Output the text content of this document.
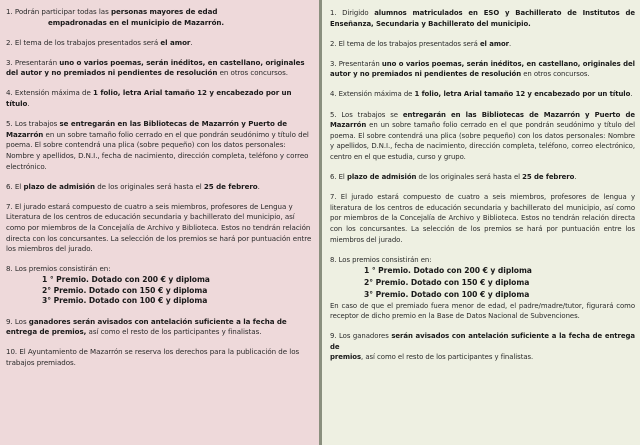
1. Podrán participar todas las personas mayores de edad
empadronadas en el municipio de Mazarrón.

2. El tema de los trabajos presentados será el amor.

3. Presentarán uno o varios poemas, serán inéditos, en castellano, originales del autor y no premiados ni pendientes de resolución en otros concursos.

4. Extensión máxima de 1 folio, letra Arial tamaño 12 y encabezado por un título.

5. Los trabajos se entregarán en las Bibliotecas de Mazarrón y Puerto de Mazarrón en un sobre tamaño folio cerrado en el que pondrán seudónimo y título del poema. El sobre contendrá una plica (sobre pequeño) con los datos personales: Nombre y apellidos, D.N.I., fecha de nacimiento, dirección completa, teléfono y correo electrónico.

6. El plazo de admisión de los originales será hasta el 25 de febrero.

7. El jurado estará compuesto de cuatro a seis miembros, profesores de Lengua y Literatura de los centros de educación secundaria y bachillerato del municipio, así como por miembros de la Concejalía de Archivo y Biblioteca. Estos no tendrán relación directa con los concursantes. La selección de los premios se hará por puntuación entre los miembros del jurado.

8. Los premios consistirán en:
1 ° Premio. Dotado con 200 € y diploma
2° Premio. Dotado con 150 € y diploma
3° Premio. Dotado con 100 € y diploma

9. Los ganadores serán avisados con antelación suficiente a la fecha de entrega de premios, así como el resto de los participantes y finalistas.

10. El Ayuntamiento de Mazarrón se reserva los derechos para la publicación de los trabajos premiados.

1. Dirigido alumnos matriculados en ESO y Bachillerato de Institutos de Enseñanza, Secundaria y Bachillerato del municipio.

2. El tema de los trabajos presentados será el amor.

3. Presentarán uno o varios poemas, serán inéditos, en castellano, originales del autor y no premiados ni pendientes de resolución en otros concursos.

4. Extensión máxima de 1 folio, letra Arial tamaño 12 y encabezado por un título.

5. Los trabajos se entregarán en las Bibliotecas de Mazarrón y Puerto de Mazarrón en un sobre tamaño folio cerrado en el que pondrán seudónimo y título del poema. El sobre contendrá una plica (sobre pequeño) con los datos personales: Nombre y apellidos, D.N.I., fecha de nacimiento, dirección completa, teléfono, correo electrónico, centro en el que estudia, curso y grupo.

6. El plazo de admisión de los originales será hasta el 25 de febrero.

7. El jurado estará compuesto de cuatro a seis miembros, profesores de lengua y literatura de los centros de educación secundaria y bachillerato del municipio, así como por miembros de la Concejalía de Archivo y Biblioteca. Estos no tendrán relación directa con los concursantes. La selección de los premios se hará por puntuación entre los miembros del jurado.

8. Los premios consistirán en:
1 ° Premio. Dotado con 200 € y diploma
2° Premio. Dotado con 150 € y diploma
3° Premio. Dotado con 100 € y diploma
En caso de que el premiado fuera menor de edad, el padre/madre/tutor, figurará como receptor de dicho premio en la Base de Datos Nacional de Subvenciones.

9. Los ganadores serán avisados con antelación suficiente a la fecha de entrega de
premios, así como el resto de los participantes y finalistas.
